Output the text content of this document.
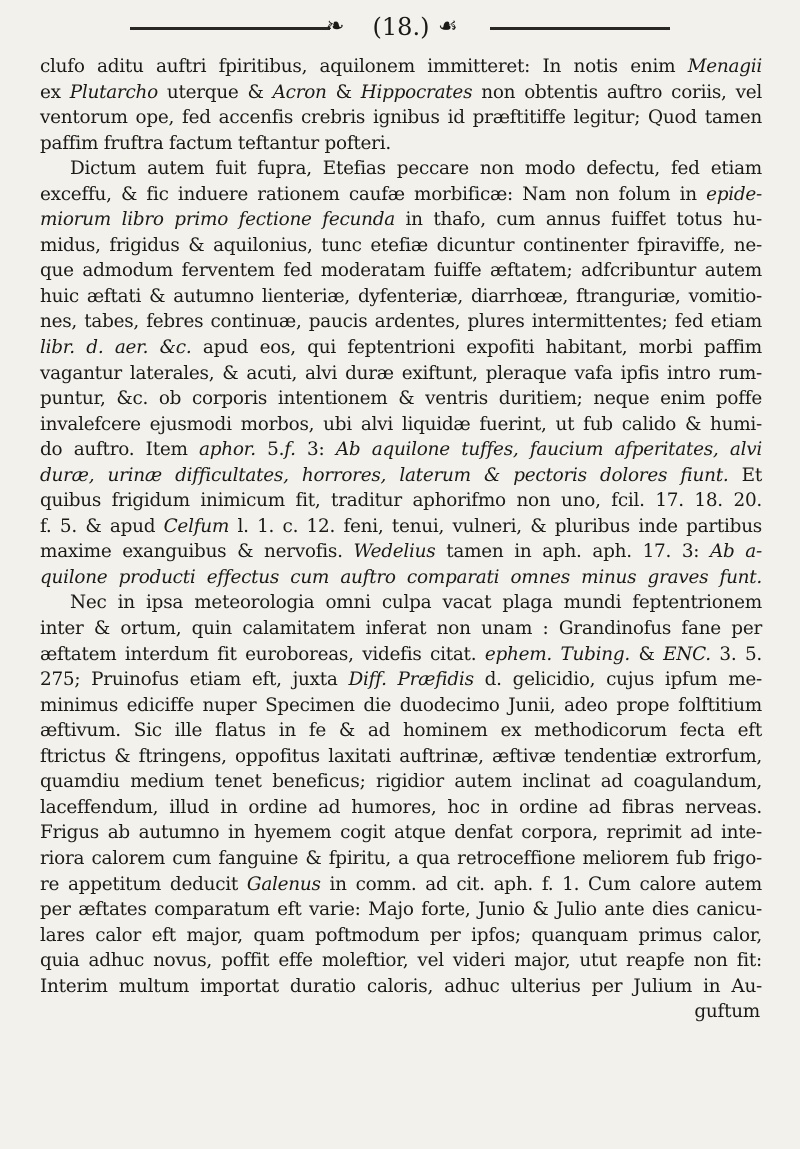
❧ (18.) ☙
clufo aditu auftri fpiritibus, aquilonem immitteret: In notis enim Menagii
ex Plutarcho uterque & Acron & Hippocrates non obtentis auftro coriis, vel
ventorum ope, fed accenfis crebris ignibus id præftitiffe legitur; Quod tamen
paffim fruftra factum teftantur pofteri.
Dictum autem fuit fupra, Etefias peccare non modo defectu, fed etiam
exceffu, & fic induere rationem caufæ morbificæ: Nam non folum in epide-
miorum libro primo fectione fecunda in thafo, cum annus fuiffet totus hu-
midus, frigidus & aquilonius, tunc etefiæ dicuntur continenter fpiraviffe, ne-
que admodum ferventem fed moderatam fuiffe æftatem; adfcribuntur autem
huic æftati & autumno lienteriæ, dyfenteriæ, diarrhœæ, ftranguriæ, vomitio-
nes, tabes, febres continuæ, paucis ardentes, plures intermittentes; fed etiam
libr. d. aer. &c. apud eos, qui feptentrioni expofiti habitant, morbi paffim
vagantur laterales, & acuti, alvi duræ exiftunt, pleraque vafa ipfis intro rum-
puntur, &c. ob corporis intentionem & ventris duritiem; neque enim poffe
invalefcere ejusmodi morbos, ubi alvi liquidæ fuerint, ut fub calido & humi-
do auftro. Item aphor. 5.f. 3: Ab aquilone tuffes, faucium afperitates, alvi
duræ, urinæ difficultates, horrores, laterum & pectoris dolores fiunt. Et
quibus frigidum inimicum fit, traditur aphorifmo non uno, fcil. 17. 18. 20.
f. 5. & apud Celfum l. 1. c. 12. feni, tenui, vulneri, & pluribus inde partibus
maxime exanguibus & nervofis. Wedelius tamen in aph. aph. 17. 3: Ab a-
quilone producti effectus cum auftro comparati omnes minus graves funt.
Nec in ipsa meteorologia omni culpa vacat plaga mundi feptentrionem
inter & ortum, quin calamitatem inferat non unam : Grandinofus fane per
æftatem interdum fit euroboreas, videfis citat. ephem. Tubing. & ENC. 3. 5.
275; Pruinofus etiam eft, juxta Diff. Præfidis d. gelicidio, cujus ipfum me-
minimus ediciffe nuper Specimen die duodecimo Junii, adeo prope folftitium
æftivum. Sic ille flatus in fe & ad hominem ex methodicorum fecta eft
ftrictus & ftringens, oppofitus laxitati auftrinæ, æftivæ tendentiæ extrorfum,
quamdiu medium tenet beneficus; rigidior autem inclinat ad coagulandum,
laceffendum, illud in ordine ad humores, hoc in ordine ad fibras nerveas.
Frigus ab autumno in hyemem cogit atque denfat corpora, reprimit ad inte-
riora calorem cum fanguine & fpiritu, a qua retroceffione meliorem fub frigo-
re appetitum deducit Galenus in comm. ad cit. aph. f. 1. Cum calore autem
per æftates comparatum eft varie: Majo forte, Junio & Julio ante dies canicu-
lares calor eft major, quam poftmodum per ipfos; quanquam primus calor,
quia adhuc novus, poffit effe moleftior, vel videri major, utut reapfe non fit:
Interim multum importat duratio caloris, adhuc ulterius per Julium in Au-
guftum
